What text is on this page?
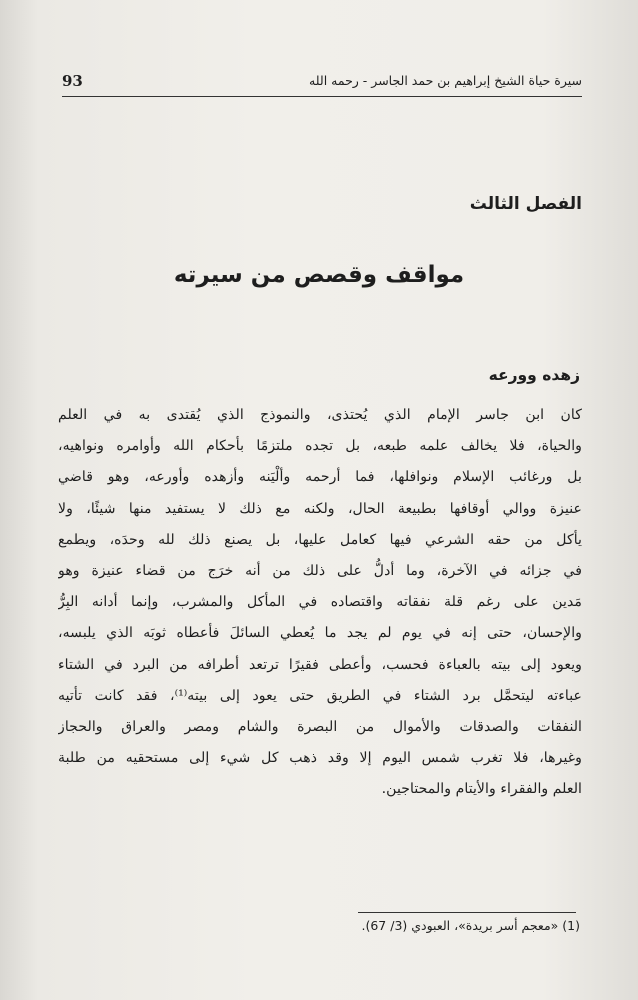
93	سيرة حياة الشيخ إبراهيم بن حمد الجاسر - رحمه الله
الفصل الثالث
مواقف وقصص من سيرته
زهده وورعه
كان ابن جاسر الإمام الذي يُحتذى، والنموذج الذي يُقتدى به في العلم
والحياة، فلا يخالف علمه طبعه، بل تجده ملتزمًا بأحكام الله وأوامره ونواهيه،
بل ورغائب الإسلام ونوافلها، فما أرحمه وألْيَنه وأزهده وأورعه، وهو قاضي
عنيزة ووالي أوقافها بطبيعة الحال، ولكنه مع ذلك لا يستفيد منها شيئًا، ولا
يأكل من حقه الشرعي فيها كعامل عليها، بل يصنع ذلك لله وحدَه، ويطمع
في جزائه في الآخرة، وما أدلُّ على ذلك من أنه خرَج من قضاء عنيزة وهو
مَدين على رغم قلة نفقاته واقتصاده في المأكل والمشرب، وإنما أدانه البِرُّ
والإحسان، حتى إنه في يوم لم يجد ما يُعطي السائلَ فأعطاه ثوبَه الذي يلبسه،
ويعود إلى بيته بالعباءة فحسب، وأعطى فقيرًا ترتعد أطرافه من البرد في الشتاء
عباءته ليتحمَّل برد الشتاء في الطريق حتى يعود إلى بيته⁽¹⁾، فقد كانت تأتيه
النفقات والصدقات والأموال من البصرة والشام ومصر والعراق والحجاز
وغيرها، فلا تغرب شمس اليوم إلا وقد ذهب كل شيء إلى مستحقيه من طلبة
العلم والفقراء والأيتام والمحتاجين.
(1) «معجم أسر بريدة»، العبودي (3/ 67).
